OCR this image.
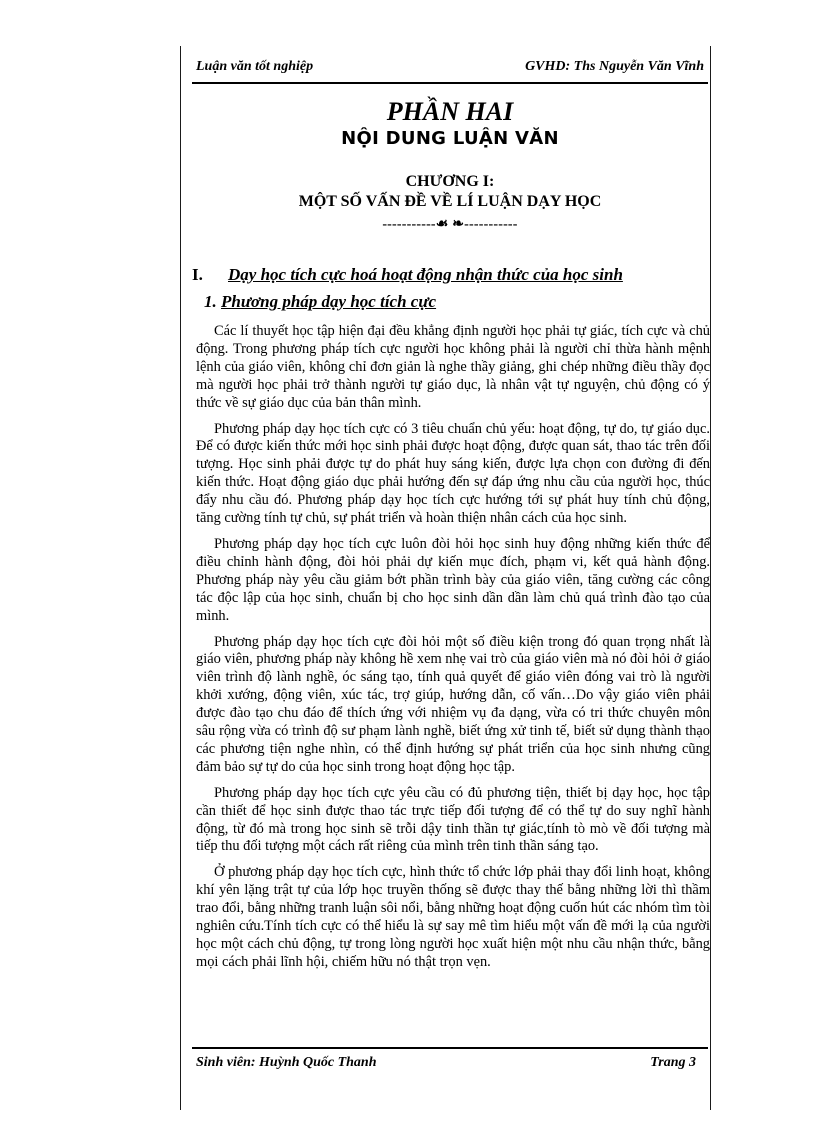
Luận văn tốt nghiệp	GVHD: Ths Nguyễn Văn Vĩnh
PHẦN HAI
NỘI DUNG LUẬN VĂN
CHƯƠNG I:
MỘT SỐ VẤN ĐỀ VỀ LÍ LUẬN DẠY HỌC
-----------☙ ❧-----------
I. Dạy học tích cực hoá hoạt động nhận thức của học sinh
1. Phương pháp dạy học tích cực

Các lí thuyết học tập hiện đại đều khẳng định người học phải tự giác, tích cực và chủ động. Trong phương pháp tích cực người học không phải là người chỉ thừa hành mệnh lệnh của giáo viên, không chỉ đơn giản là nghe thầy giảng, ghi chép những điều thầy đọc mà người học phải trở thành người tự giáo dục, là nhân vật tự nguyện, chủ động có ý thức về sự giáo dục của bản thân mình.

Phương pháp dạy học tích cực có 3 tiêu chuẩn chủ yếu: hoạt động, tự do, tự giáo dục. Để có được kiến thức mới học sinh phải được hoạt động, được quan sát, thao tác trên đối tượng. Học sinh phải được tự do phát huy sáng kiến, được lựa chọn con đường đi đến kiến thức. Hoạt động giáo dục phải hướng đến sự đáp ứng nhu cầu của người học, thúc đẩy nhu cầu đó. Phương pháp dạy học tích cực hướng tới sự phát huy tính chủ động, tăng cường tính tự chủ, sự phát triển và hoàn thiện nhân cách của học sinh.

Phương pháp dạy học tích cực luôn đòi hỏi học sinh huy động những kiến thức để điều chỉnh hành động, đòi hỏi phải dự kiến mục đích, phạm vi, kết quả hành động. Phương pháp này yêu cầu giảm bớt phần trình bày của giáo viên, tăng cường các công tác độc lập của học sinh, chuẩn bị cho học sinh dần dần làm chủ quá trình đào tạo của mình.

Phương pháp dạy học tích cực đòi hỏi một số điều kiện trong đó quan trọng nhất là giáo viên, phương pháp này không hề xem nhẹ vai trò của giáo viên mà nó đòi hỏi ở giáo viên trình độ lành nghề, óc sáng tạo, tính quả quyết để giáo viên đóng vai trò là người khởi xướng, động viên, xúc tác, trợ giúp, hướng dẫn, cố vấn…Do vậy giáo viên phải được đào tạo chu đáo để thích ứng với nhiệm vụ đa dạng, vừa có tri thức chuyên môn sâu rộng vừa có trình độ sư phạm lành nghề, biết ứng xử tinh tế, biết sử dụng thành thạo các phương tiện nghe nhìn, có thể định hướng sự phát triển của học sinh nhưng cũng đảm bảo sự tự do của học sinh trong hoạt động học tập.

Phương pháp dạy học tích cực yêu cầu có đủ phương tiện, thiết bị dạy học, học tập cần thiết để học sinh được thao tác trực tiếp đối tượng để có thể tự do suy nghĩ hành động, từ đó mà trong học sinh sẽ trỗi dậy tinh thần tự giác,tính tò mò về đối tượng mà tiếp thu đối tượng một cách rất riêng của mình trên tinh thần sáng tạo.

Ở phương pháp dạy học tích cực, hình thức tổ chức lớp phải thay đổi linh hoạt, không khí yên lặng trật tự của lớp học truyền thống sẽ được thay thế bằng những lời thì thầm trao đổi, bằng những tranh luận sôi nổi, bằng những hoạt động cuốn hút các nhóm tìm tòi nghiên cứu.Tính tích cực có thể hiểu là sự say mê tìm hiểu một vấn đề mới lạ của người học một cách chủ động, tự trong lòng người học xuất hiện một nhu cầu nhận thức, bằng mọi cách phải lĩnh hội, chiếm hữu nó thật trọn vẹn.

Sinh viên: Huỳnh Quốc Thanh	Trang 3
